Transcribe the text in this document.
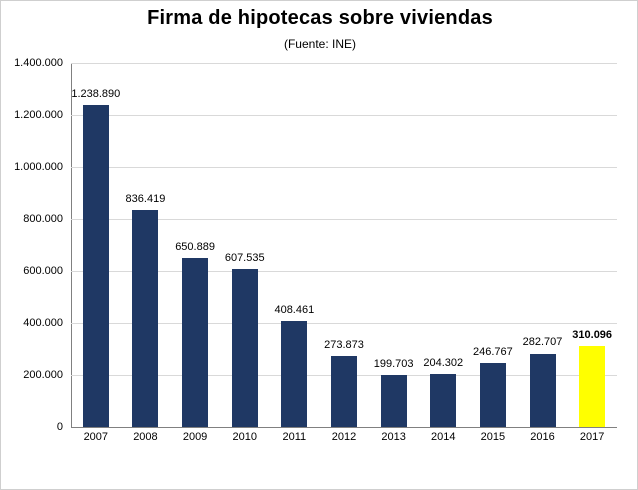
Firma de hipotecas sobre viviendas
(Fuente: INE)
0
200.000
400.000
600.000
800.000
1.000.000
1.200.000
1.400.000
1.238.890
836.419
650.889
607.535
408.461
273.873
199.703 204.302
246.767
282.707
310.096
2007	2008	2009	2010	2011	2012	2013	2014	2015	2016	2017
